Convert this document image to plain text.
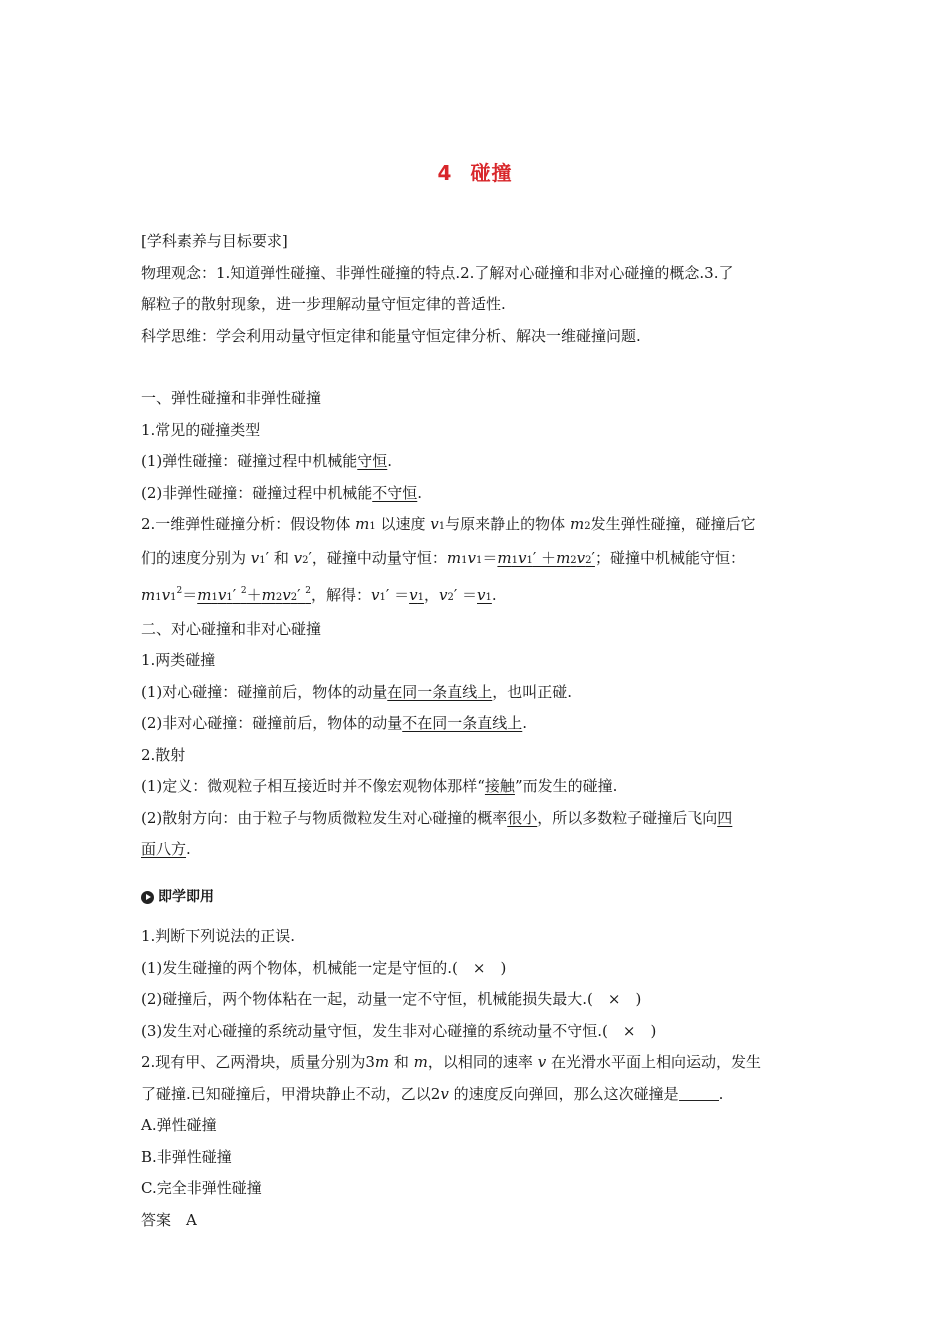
4 碰撞

[学科素养与目标要求]

物理观念：1.知道弹性碰撞、非弹性碰撞的特点.2.了解对心碰撞和非对心碰撞的概念.3.了

解粒子的散射现象，进一步理解动量守恒定律的普适性.

科学思维：学会利用动量守恒定律和能量守恒定律分析、解决一维碰撞问题.

一、弹性碰撞和非弹性碰撞

1.常见的碰撞类型

(1)弹性碰撞：碰撞过程中机械能守恒.

(2)非弹性碰撞：碰撞过程中机械能不守恒.

2.一维弹性碰撞分析：假设物体 m1 以速度 v1与原来静止的物体 m2发生弹性碰撞，碰撞后它

们的速度分别为 v1′ 和 v2′，碰撞中动量守恒：m1v1＝m1v1′ ＋m2v2′；碰撞中机械能守恒：

$m1v1^2=m1v1'$ $^2$＋m2v2′ $^2$，解得：v1′ ＝v1，v2′ ＝v1.

二、对心碰撞和非对心碰撞

1.两类碰撞

(1)对心碰撞：碰撞前后，物体的动量在同一条直线上，也叫正碰.

(2)非对心碰撞：碰撞前后，物体的动量不在同一条直线上.

2.散射

(1)定义：微观粒子相互接近时并不像宏观物体那样“接触”而发生的碰撞.

(2)散射方向：由于粒子与物质微粒发生对心碰撞的概率很小，所以多数粒子碰撞后飞向四

面八方.

即学即用

1.判断下列说法的正误.

(1)发生碰撞的两个物体，机械能一定是守恒的.(　×　)

(2)碰撞后，两个物体粘在一起，动量一定不守恒，机械能损失最大.(　×　)

(3)发生对心碰撞的系统动量守恒，发生非对心碰撞的系统动量不守恒.(　×　)

2.现有甲、乙两滑块，质量分别为3m 和 m，以相同的速率 v 在光滑水平面上相向运动，发生

了碰撞.已知碰撞后，甲滑块静止不动，乙以2v 的速度反向弹回，那么这次碰撞是	.

A.弹性碰撞

B.非弹性碰撞

C.完全非弹性碰撞

答案　A
